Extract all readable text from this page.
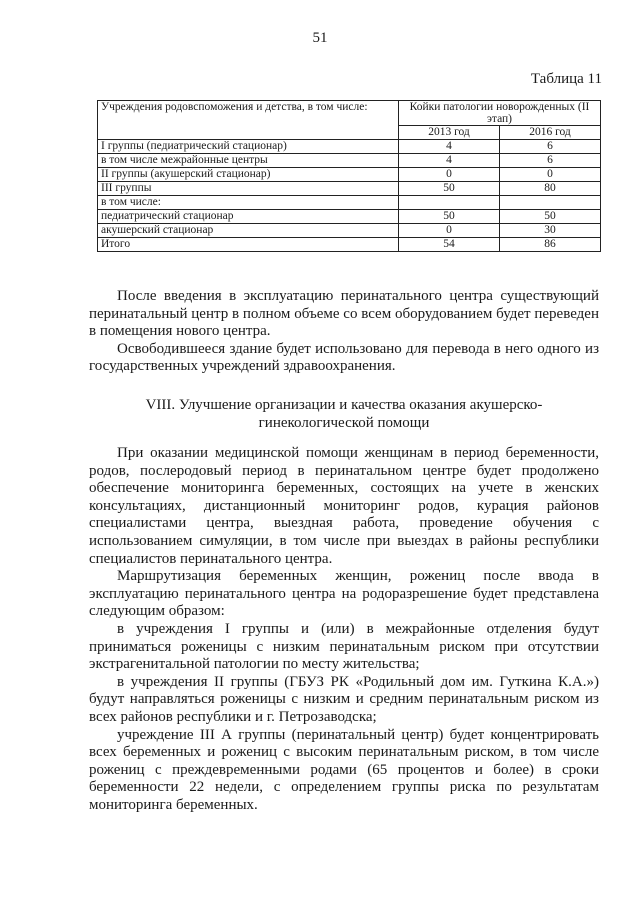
51
Таблица 11
Учреждения родовспоможения и детства, в том числе:	Койки патологии новорожденных (II этап)	
	2013 год	2016 год
I группы (педиатрический стационар)	4	6
в том числе межрайонные центры	4	6
II группы (акушерский стационар)	0	0
III группы	50	80
в том числе:		
педиатрический стационар	50	50
акушерский стационар	0	30
Итого	54	86

После введения в эксплуатацию перинатального центра существующий перинатальный центр в полном объеме со всем оборудованием будет переведен в помещения нового центра.

Освободившееся здание будет использовано для перевода в него одного из государственных учреждений здравоохранения.

VIII. Улучшение организации и качества оказания акушерско-
гинекологической помощи

При оказании медицинской помощи женщинам в период беременности, родов, послеродовый период в перинатальном центре будет продолжено обеспечение мониторинга беременных, состоящих на учете в женских консультациях, дистанционный мониторинг родов, курация районов специалистами центра, выездная работа, проведение обучения с использованием симуляции, в том числе при выездах в районы республики специалистов перинатального центра.

Маршрутизация беременных женщин, рожениц после ввода в эксплуатацию перинатального центра на родоразрешение будет представлена следующим образом:

в учреждения I группы и (или) в межрайонные отделения будут приниматься роженицы с низким перинатальным риском при отсутствии экстрагенитальной патологии по месту жительства;

в учреждения II группы (ГБУЗ РК «Родильный дом им. Гуткина К.А.») будут направляться роженицы с низким и средним перинатальным риском из всех районов республики и г. Петрозаводска;

учреждение III А группы (перинатальный центр) будет концентрировать всех беременных и рожениц с высоким перинатальным риском, в том числе рожениц с преждевременными родами (65 процентов и более) в сроки беременности 22 недели, с определением группы риска по результатам мониторинга беременных.
